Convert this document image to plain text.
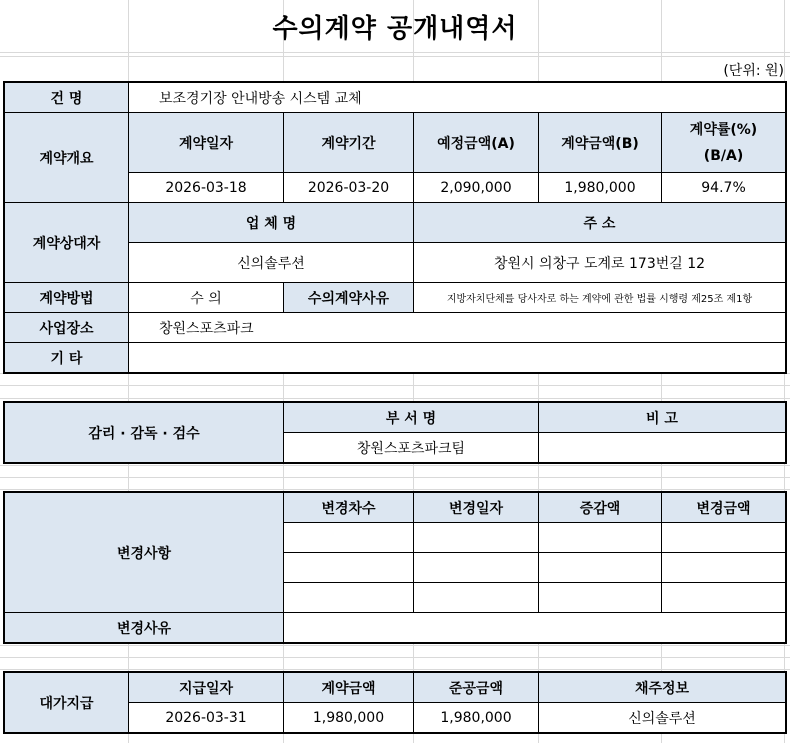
수의계약 공개내역서
(단위: 원)
건 명	보조경기장 안내방송 시스템 교체				
계약개요	계약일자	계약기간	예정금액(A)	계약금액(B)	계약률(%)
(B/A)

	2026-03-18	2026-03-20	2,090,000	1,980,000	94.7%
계약상대자	업 체 명		주 소		
	신의솔루션		창원시 의창구 도계로 173번길 12		
계약방법	수 의	수의계약사유	지방자치단체를 당사자로 하는 계약에 관한 법률 시행령 제25조 제1항		
사업장소	창원스포츠파크				
기 타					
감리 · 감독 · 검수	부 서 명	비 고
	창원스포츠파크팀	
변경사항	변경차수	변경일자	증감액	변경금액

변경사유				
대가지급	지급일자	계약금액	준공금액	채주정보
	2026-03-31	1,980,000	1,980,000	신의솔루션
